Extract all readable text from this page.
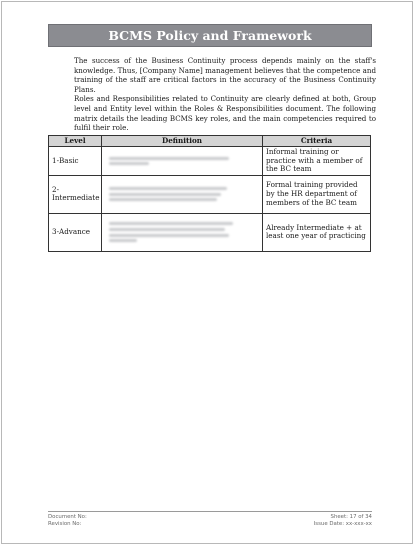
BCMS Policy and Framework

The success of the Business Continuity process depends mainly on the staff's knowledge. Thus, [Company Name] management believes that the competence and training of the staff are critical factors in the accuracy of the Business Continuity Plans.

Roles and Responsibilities related to Continuity are clearly defined at both, Group level and Entity level within the Roles & Responsibilities document. The following matrix details the leading BCMS key roles, and the main competencies required to fulfil their role.

Level	Definition	Criteria
1-Basic		Informal training or practice with a member of the BC team
2-Intermediate		Formal training provided by the HR department of members of the BC team
3-Advance		Already Intermediate + at least one year of practicing
Document No:
Revision No:
Sheet: 17 of 34
Issue Date: xx-xxx-xx
